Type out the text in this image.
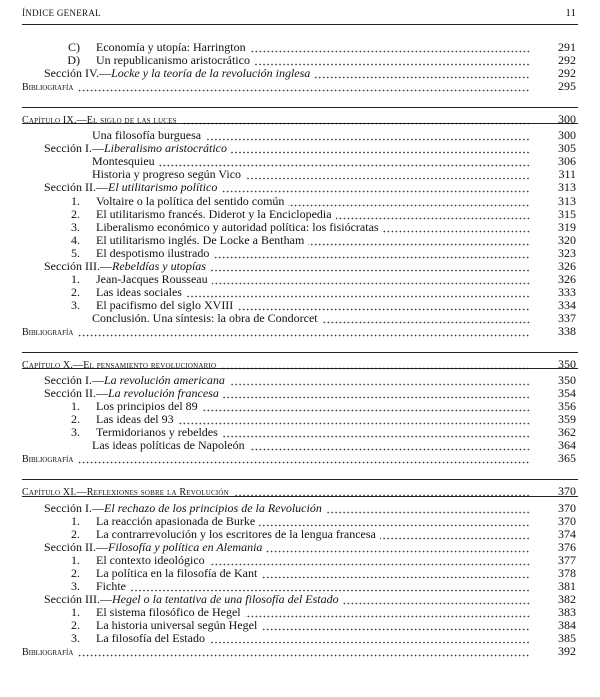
ÍNDICE GENERAL	11
C) Economía y utopía: Harrington	291
D) Un republicanismo aristocrático	292
Sección IV.—Locke y la teoría de la revolución inglesa	292
Bibliografía	295
Capítulo IX.—El siglo de las luces	300
Una filosofía burguesa	300
Sección I.—Liberalismo aristocrático	305
Montesquieu	306
Historia y progreso según Vico	311
Sección II.—El utilitarismo político	313
1. Voltaire o la política del sentido común	313
2. El utilitarismo francés. Diderot y la Enciclopedia	315
3. Liberalismo económico y autoridad política: los fisiócratas	319
4. El utilitarismo inglés. De Locke a Bentham	320
5. El despotismo ilustrado	323
Sección III.—Rebeldías y utopías	326
1. Jean-Jacques Rousseau	326
2. Las ideas sociales	333
3. El pacifismo del siglo XVIII	334
Conclusión. Una síntesis: la obra de Condorcet	337
Bibliografía	338
Capítulo X.—El pensamiento revolucionario	350
Sección I.—La revolución americana	350
Sección II.—La revolución francesa	354
1. Los principios del 89	356
2. Las ideas del 93	359
3. Termidorianos y rebeldes	362
Las ideas políticas de Napoleón	364
Bibliografía	365
Capítulo XI.—Reflexiones sobre la Revolución	370
Sección I.—El rechazo de los principios de la Revolución	370
1. La reacción apasionada de Burke	370
2. La contrarrevolución y los escritores de la lengua francesa	374
Sección II.—Filosofía y política en Alemania	376
1. El contexto ideológico	377
2. La política en la filosofía de Kant	378
3. Fichte	381
Sección III.—Hegel o la tentativa de una filosofía del Estado	382
1. El sistema filosófico de Hegel	383
2. La historia universal según Hegel	384
3. La filosofía del Estado	385
Bibliografía	392
